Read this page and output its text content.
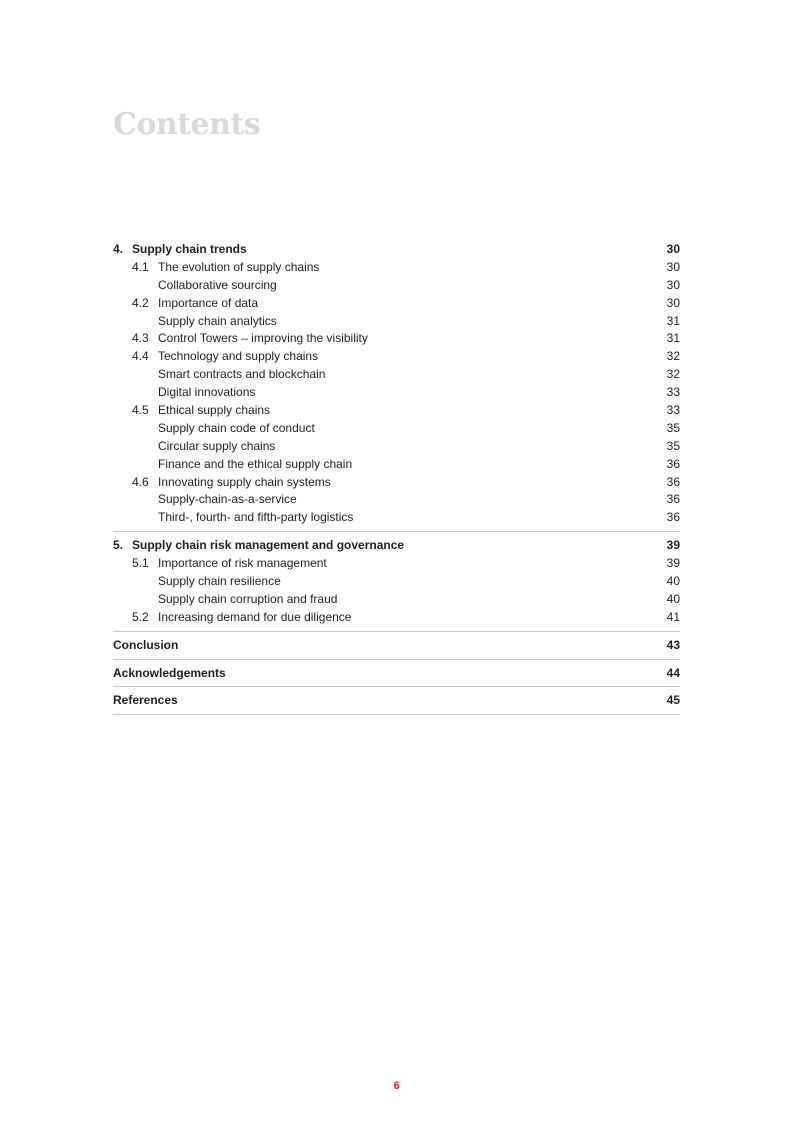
Contents
4. Supply chain trends	30
4.1 The evolution of supply chains	30
Collaborative sourcing	30
4.2 Importance of data	30
Supply chain analytics	31
4.3 Control Towers – improving the visibility	31
4.4 Technology and supply chains	32
Smart contracts and blockchain	32
Digital innovations	33
4.5 Ethical supply chains	33
Supply chain code of conduct	35
Circular supply chains	35
Finance and the ethical supply chain	36
4.6 Innovating supply chain systems	36
Supply-chain-as-a-service	36
Third-, fourth- and fifth-party logistics	36
5. Supply chain risk management and governance	39
5.1 Importance of risk management	39
Supply chain resilience	40
Supply chain corruption and fraud	40
5.2 Increasing demand for due diligence	41
Conclusion	43
Acknowledgements	44
References	45
6
